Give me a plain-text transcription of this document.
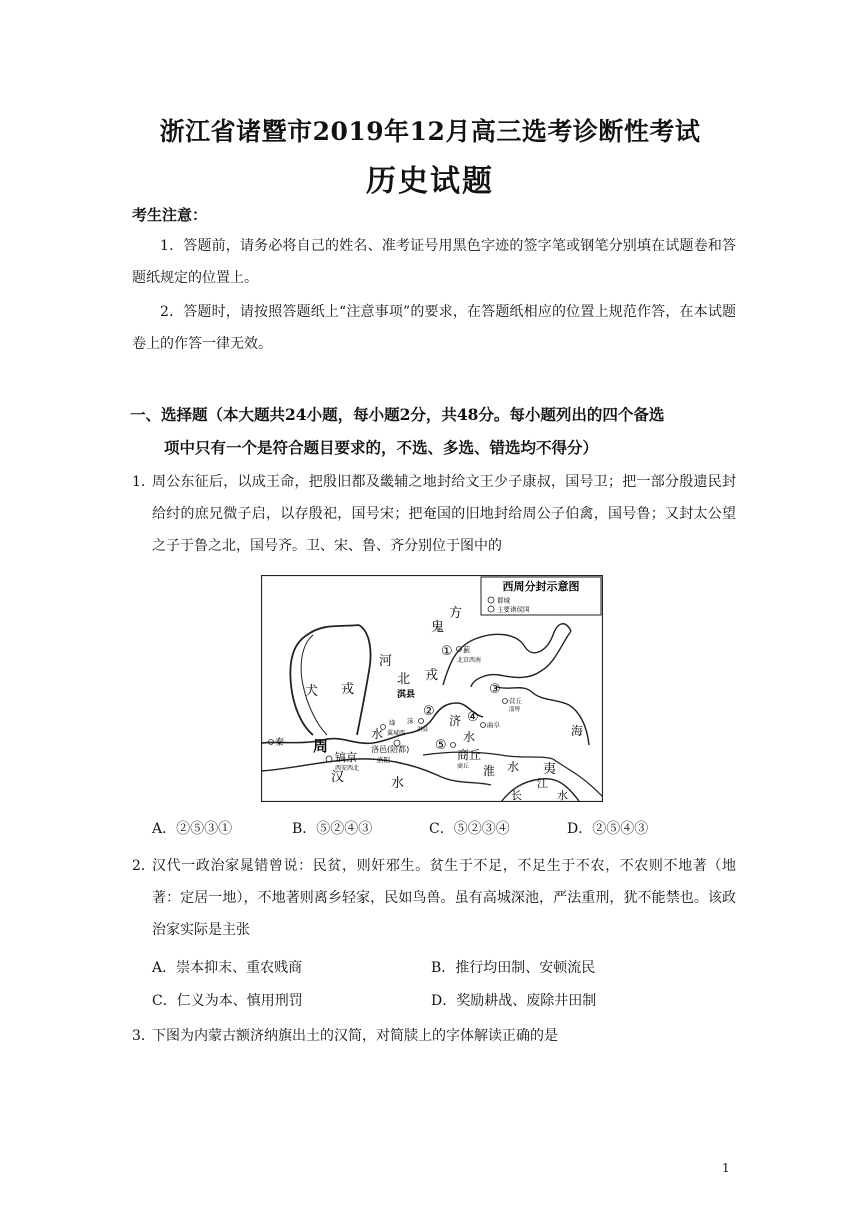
浙江省诸暨市2019年12月高三选考诊断性考试
历史试题
考生注意：
1．答题前，请务必将自己的姓名、准考证号用黑色字迹的签字笔或钢笔分别填在试题卷和答题纸规定的位置上。
2．答题时，请按照答题纸上“注意事项”的要求，在答题纸相应的位置上规范作答，在本试题卷上的作答一律无效。
一、选择题（本大题共24小题，每小题2分，共48分。每小题列出的四个备选
项中只有一个是符合题目要求的，不选、多选、错选均不得分）
1．
周公东征后，以成王命，把殷旧都及畿辅之地封给文王少子康叔，国号卫；把一部分殷遗民封给纣的庶兄微子启，以存殷祀，国号宋；把奄国的旧地封给周公子伯禽，国号鲁；又封太公望之子于鲁之北，国号齐。卫、宋、鲁、齐分别位于图中的
西周分封示意图
都城
主要诸侯国
鬼
方
河
北 戎
犬 戎
周
秦
镐京
西安西北
洛邑(陪都)
洛阳
绛
翼城西
水
淇县
沫
淇县
②
① 蓟
北京西南
③
营丘
淄博
④ 曲阜
济
水
⑤
商丘
商丘
海
汉	水
淮 水 夷
长
江
水
A．②⑤③①	B．⑤②④③	C．⑤②③④	D．②⑤④③
2．
汉代一政治家晁错曾说：民贫，则奸邪生。贫生于不足，不足生于不农，不农则不地著（地著：定居一地），不地著则离乡轻家，民如鸟兽。虽有高城深池，严法重刑，犹不能禁也。该政治家实际是主张
A．崇本抑末、重农贱商	B．推行均田制、安顿流民
C．仁义为本、慎用刑罚	D．奖励耕战、废除井田制
3．
下图为内蒙古额济纳旗出土的汉简，对简牍上的字体解读正确的是
1
